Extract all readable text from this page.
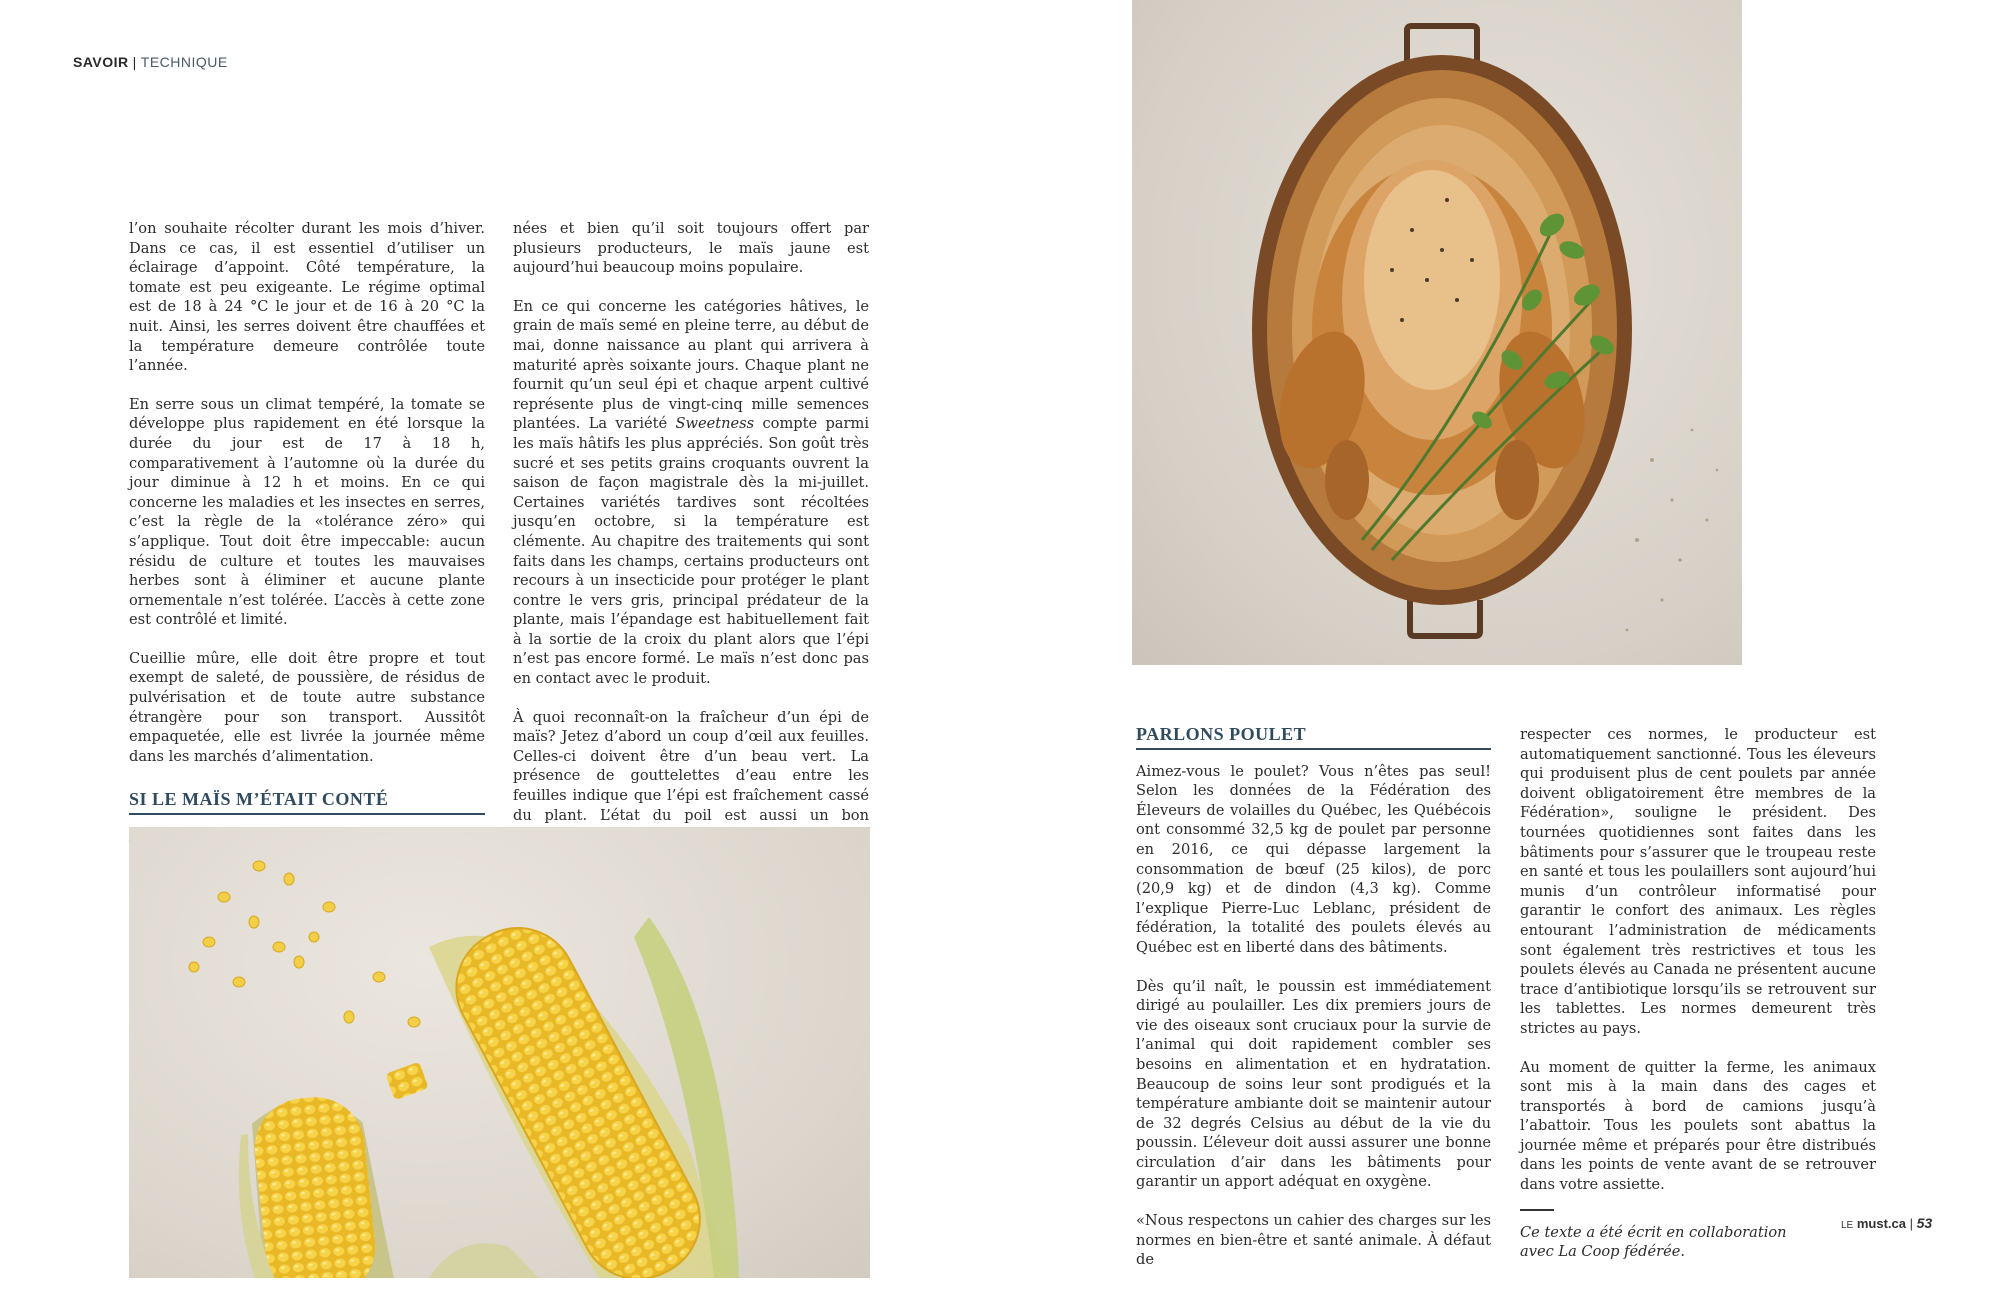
SAVOIR | TECHNIQUE

l’on souhaite récolter durant les mois d’hiver. Dans ce cas, il est essentiel d’utiliser un éclairage d’appoint. Côté température, la tomate est peu exigeante. Le régime optimal est de 18 à 24 °C le jour et de 16 à 20 °C la nuit. Ainsi, les serres doivent être chauffées et la température demeure contrôlée toute l’année.

En serre sous un climat tempéré, la tomate se développe plus rapidement en été lorsque la durée du jour est de 17 à 18 h, comparativement à l’automne où la durée du jour diminue à 12 h et moins. En ce qui concerne les maladies et les insectes en serres, c’est la règle de la «tolérance zéro» qui s’applique. Tout doit être impeccable: aucun résidu de culture et toutes les mauvaises herbes sont à éliminer et aucune plante ornementale n’est tolérée. L’accès à cette zone est contrôlé et limité.

Cueillie mûre, elle doit être propre et tout exempt de saleté, de poussière, de résidus de pulvérisation et de toute autre substance étrangère pour son transport. Aussitôt empaquetée, elle est livrée la journée même dans les marchés d’alimentation.

SI LE MAÏS M’ÉTAIT CONTÉ

nées et bien qu’il soit toujours offert par plusieurs producteurs, le maïs jaune est aujourd’hui beaucoup moins populaire.

En ce qui concerne les catégories hâtives, le grain de maïs semé en pleine terre, au début de mai, donne naissance au plant qui arrivera à maturité après soixante jours. Chaque plant ne fournit qu’un seul épi et chaque arpent cultivé représente plus de vingt-cinq mille semences plantées. La variété Sweetness compte parmi les maïs hâtifs les plus appréciés. Son goût très sucré et ses petits grains croquants ouvrent la saison de façon magistrale dès la mi-juillet. Certaines variétés tardives sont récoltées jusqu’en octobre, si la température est clémente. Au chapitre des traitements qui sont faits dans les champs, certains producteurs ont recours à un insecticide pour protéger le plant contre le vers gris, principal prédateur de la plante, mais l’épandage est habituellement fait à la sortie de la croix du plant alors que l’épi n’est pas encore formé. Le maïs n’est donc pas en contact avec le produit.

À quoi reconnaît-on la fraîcheur d’un épi de maïs? Jetez d’abord un coup d’œil aux feuilles. Celles-ci doivent être d’un beau vert. La présence de gouttelettes d’eau entre les feuilles indique que l’épi est fraîchement cassé du plant. L’état du poil est aussi un bon

PARLONS POULET

Aimez-vous le poulet? Vous n’êtes pas seul! Selon les données de la Fédération des Éleveurs de volailles du Québec, les Québécois ont consommé 32,5 kg de poulet par personne en 2016, ce qui dépasse largement la consommation de bœuf (25 kilos), de porc (20,9 kg) et de dindon (4,3 kg). Comme l’explique Pierre-Luc Leblanc, président de fédération, la totalité des poulets élevés au Québec est en liberté dans des bâtiments.

Dès qu’il naît, le poussin est immédiatement dirigé au poulailler. Les dix premiers jours de vie des oiseaux sont cruciaux pour la survie de l’animal qui doit rapidement combler ses besoins en alimentation et en hydratation. Beaucoup de soins leur sont prodigués et la température ambiante doit se maintenir autour de 32 degrés Celsius au début de la vie du poussin. L’éleveur doit aussi assurer une bonne circulation d’air dans les bâtiments pour garantir un apport adéquat en oxygène.

«Nous respectons un cahier des charges sur les normes en bien-être et santé animale. À défaut de

respecter ces normes, le producteur est automatiquement sanctionné. Tous les éleveurs qui produisent plus de cent poulets par année doivent obligatoirement être membres de la Fédération», souligne le président. Des tournées quotidiennes sont faites dans les bâtiments pour s’assurer que le troupeau reste en santé et tous les poulaillers sont aujourd’hui munis d’un contrôleur informatisé pour garantir le confort des animaux. Les règles entourant l’administration de médicaments sont également très restrictives et tous les poulets élevés au Canada ne présentent aucune trace d’antibiotique lorsqu’ils se retrouvent sur les tablettes. Les normes demeurent très strictes au pays.

Au moment de quitter la ferme, les animaux sont mis à la main dans des cages et transportés à bord de camions jusqu’à l’abattoir. Tous les poulets sont abattus la journée même et préparés pour être distribués dans les points de vente avant de se retrouver dans votre assiette.

Ce texte a été écrit en collaboration
avec La Coop fédérée.
LE must.ca | 53
